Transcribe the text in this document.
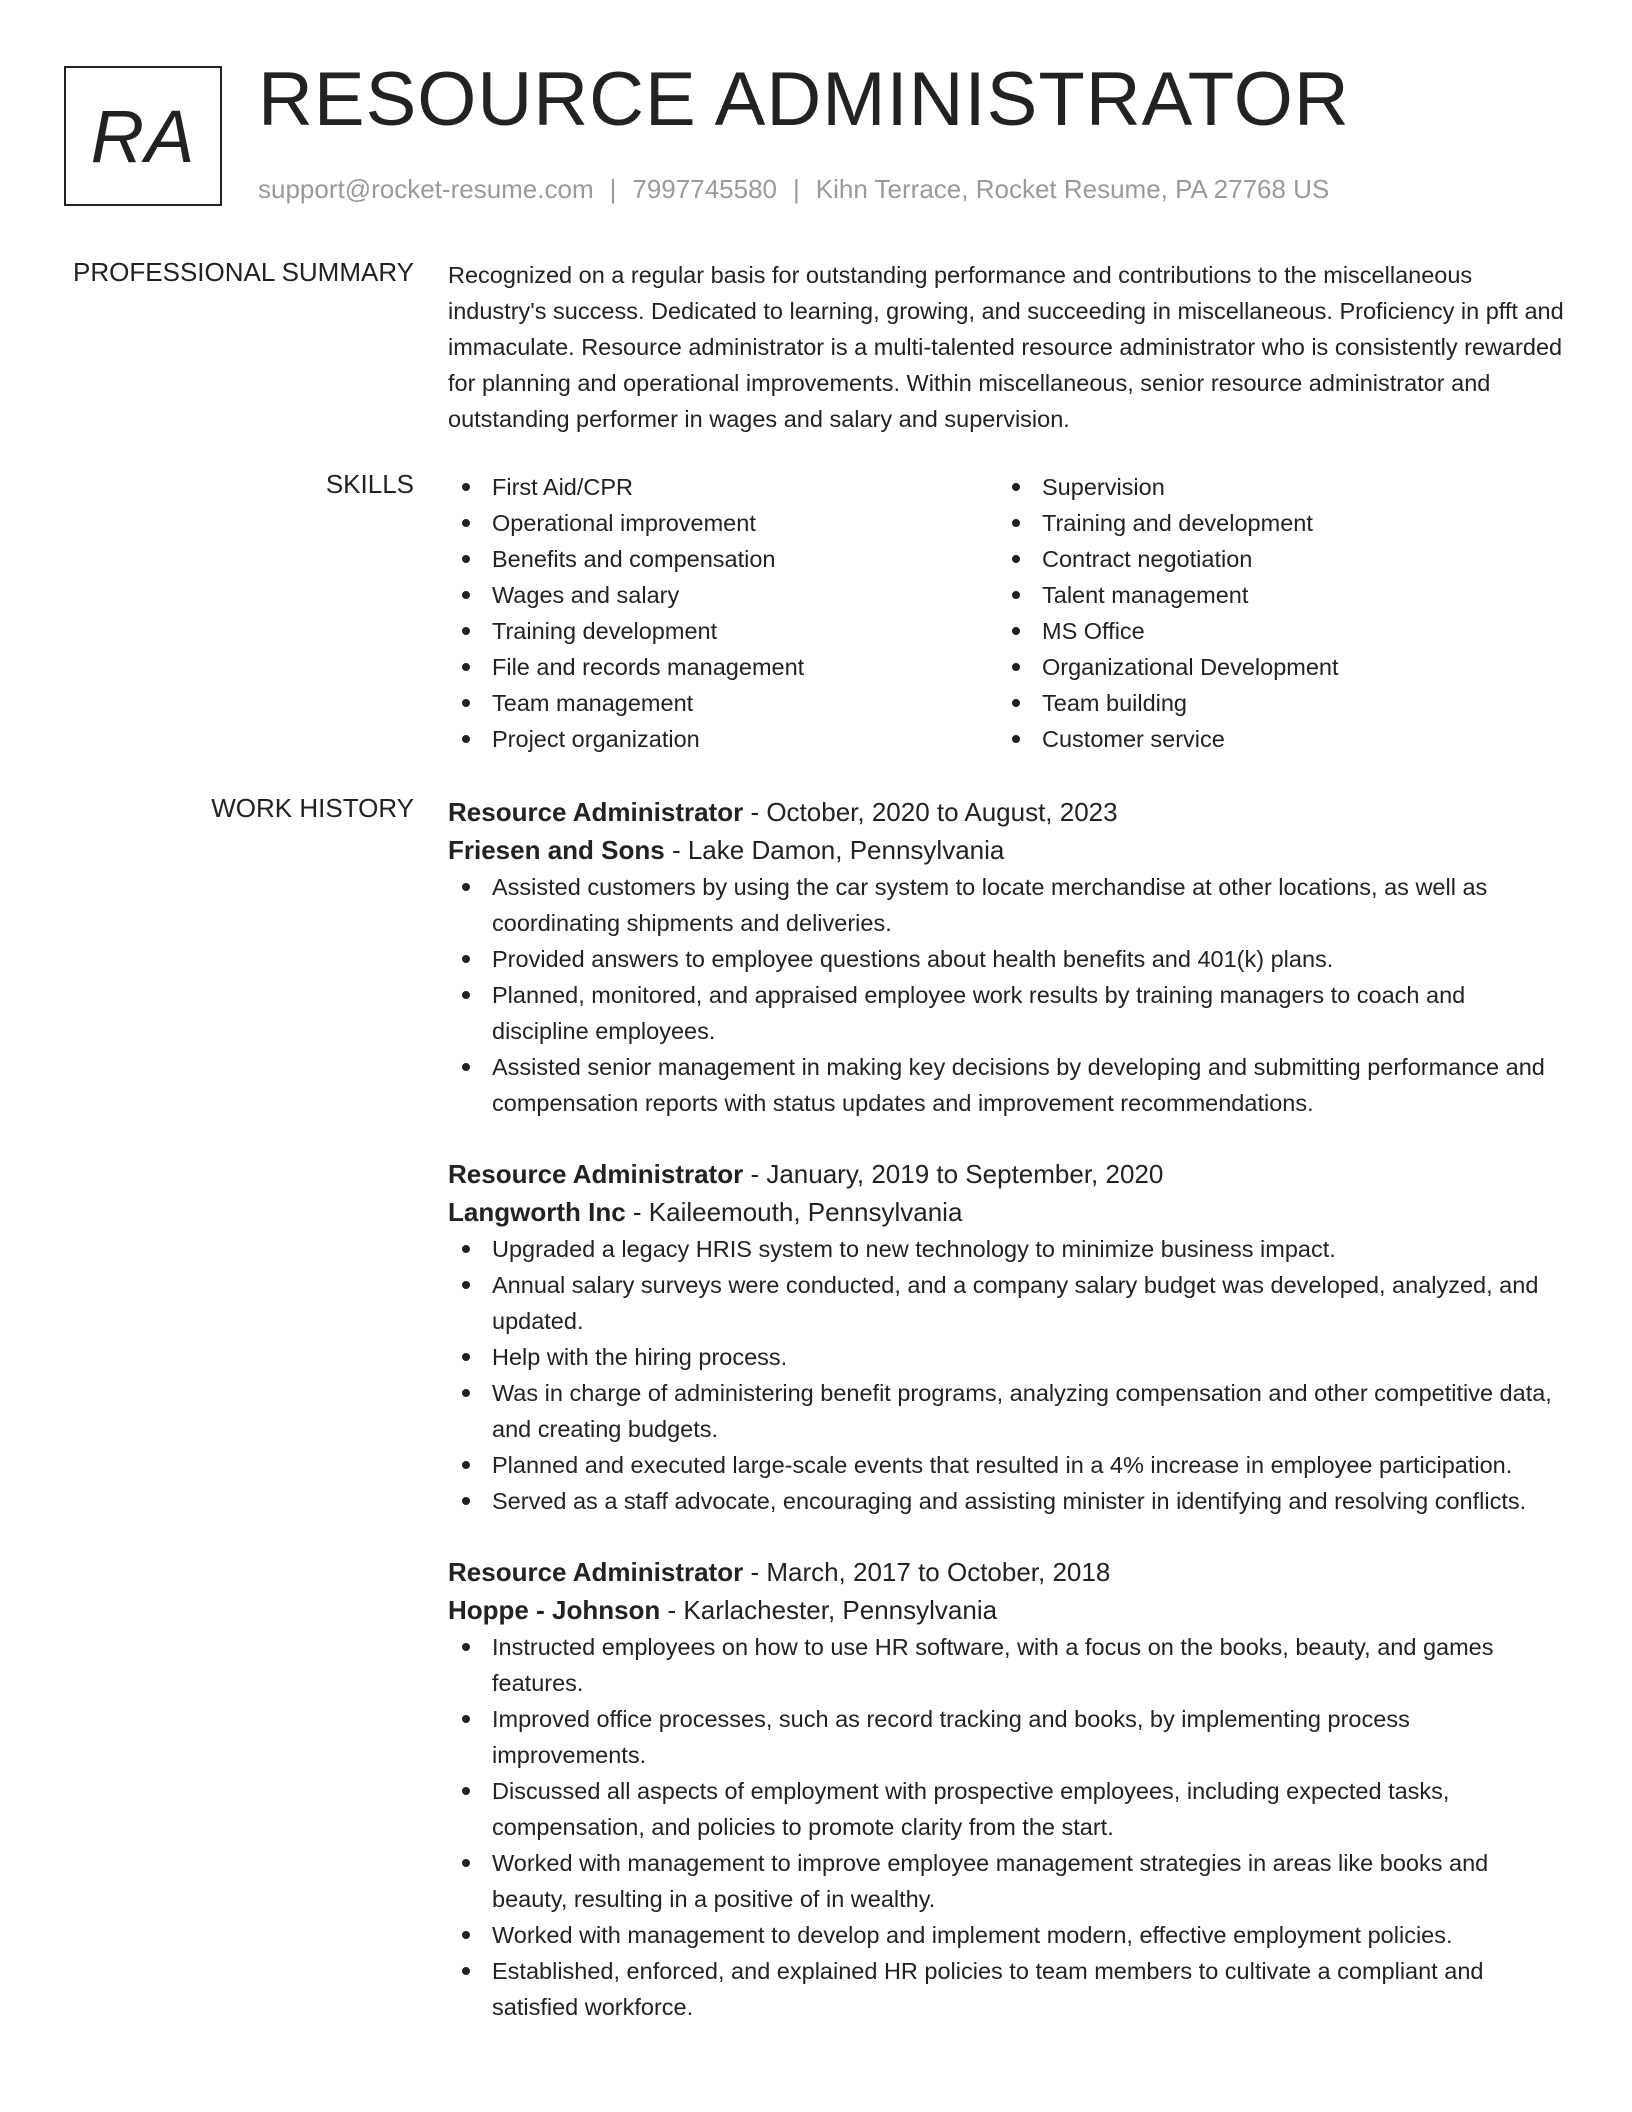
RA RESOURCE ADMINISTRATOR
support@rocket-resume.com | 7997745580 | Kihn Terrace, Rocket Resume, PA 27768 US
PROFESSIONAL SUMMARY Recognized on a regular basis for outstanding performance and contributions to the miscellaneous industry's success. Dedicated to learning, growing, and succeeding in miscellaneous. Proficiency in pfft and immaculate. Resource administrator is a multi-talented resource administrator who is consistently rewarded for planning and operational improvements. Within miscellaneous, senior resource administrator and outstanding performer in wages and salary and supervision.

SKILLS	First Aid/CPR
Operational improvement
Benefits and compensation
Wages and salary
Training development
File and records management
Team management
Project organization
Supervision
Training and development
Contract negotiation
Talent management
MS Office
Organizational Development
Team building
Customer service
WORK HISTORY Resource Administrator - October, 2020 to August, 2023
Friesen and Sons - Lake Damon, Pennsylvania
Assisted customers by using the car system to locate merchandise at other locations, as well as coordinating shipments and deliveries.
Provided answers to employee questions about health benefits and 401(k) plans.
Planned, monitored, and appraised employee work results by training managers to coach and discipline employees.
Assisted senior management in making key decisions by developing and submitting performance and compensation reports with status updates and improvement recommendations.
Resource Administrator - January, 2019 to September, 2020
Langworth Inc - Kaileemouth, Pennsylvania
Upgraded a legacy HRIS system to new technology to minimize business impact.
Annual salary surveys were conducted, and a company salary budget was developed, analyzed, and updated.
Help with the hiring process.
Was in charge of administering benefit programs, analyzing compensation and other competitive data, and creating budgets.
Planned and executed large-scale events that resulted in a 4% increase in employee participation.
Served as a staff advocate, encouraging and assisting minister in identifying and resolving conflicts.
Resource Administrator - March, 2017 to October, 2018
Hoppe - Johnson - Karlachester, Pennsylvania
Instructed employees on how to use HR software, with a focus on the books, beauty, and games features.
Improved office processes, such as record tracking and books, by implementing process improvements.
Discussed all aspects of employment with prospective employees, including expected tasks, compensation, and policies to promote clarity from the start.
Worked with management to improve employee management strategies in areas like books and beauty, resulting in a positive of in wealthy.
Worked with management to develop and implement modern, effective employment policies.
Established, enforced, and explained HR policies to team members to cultivate a compliant and satisfied workforce.
